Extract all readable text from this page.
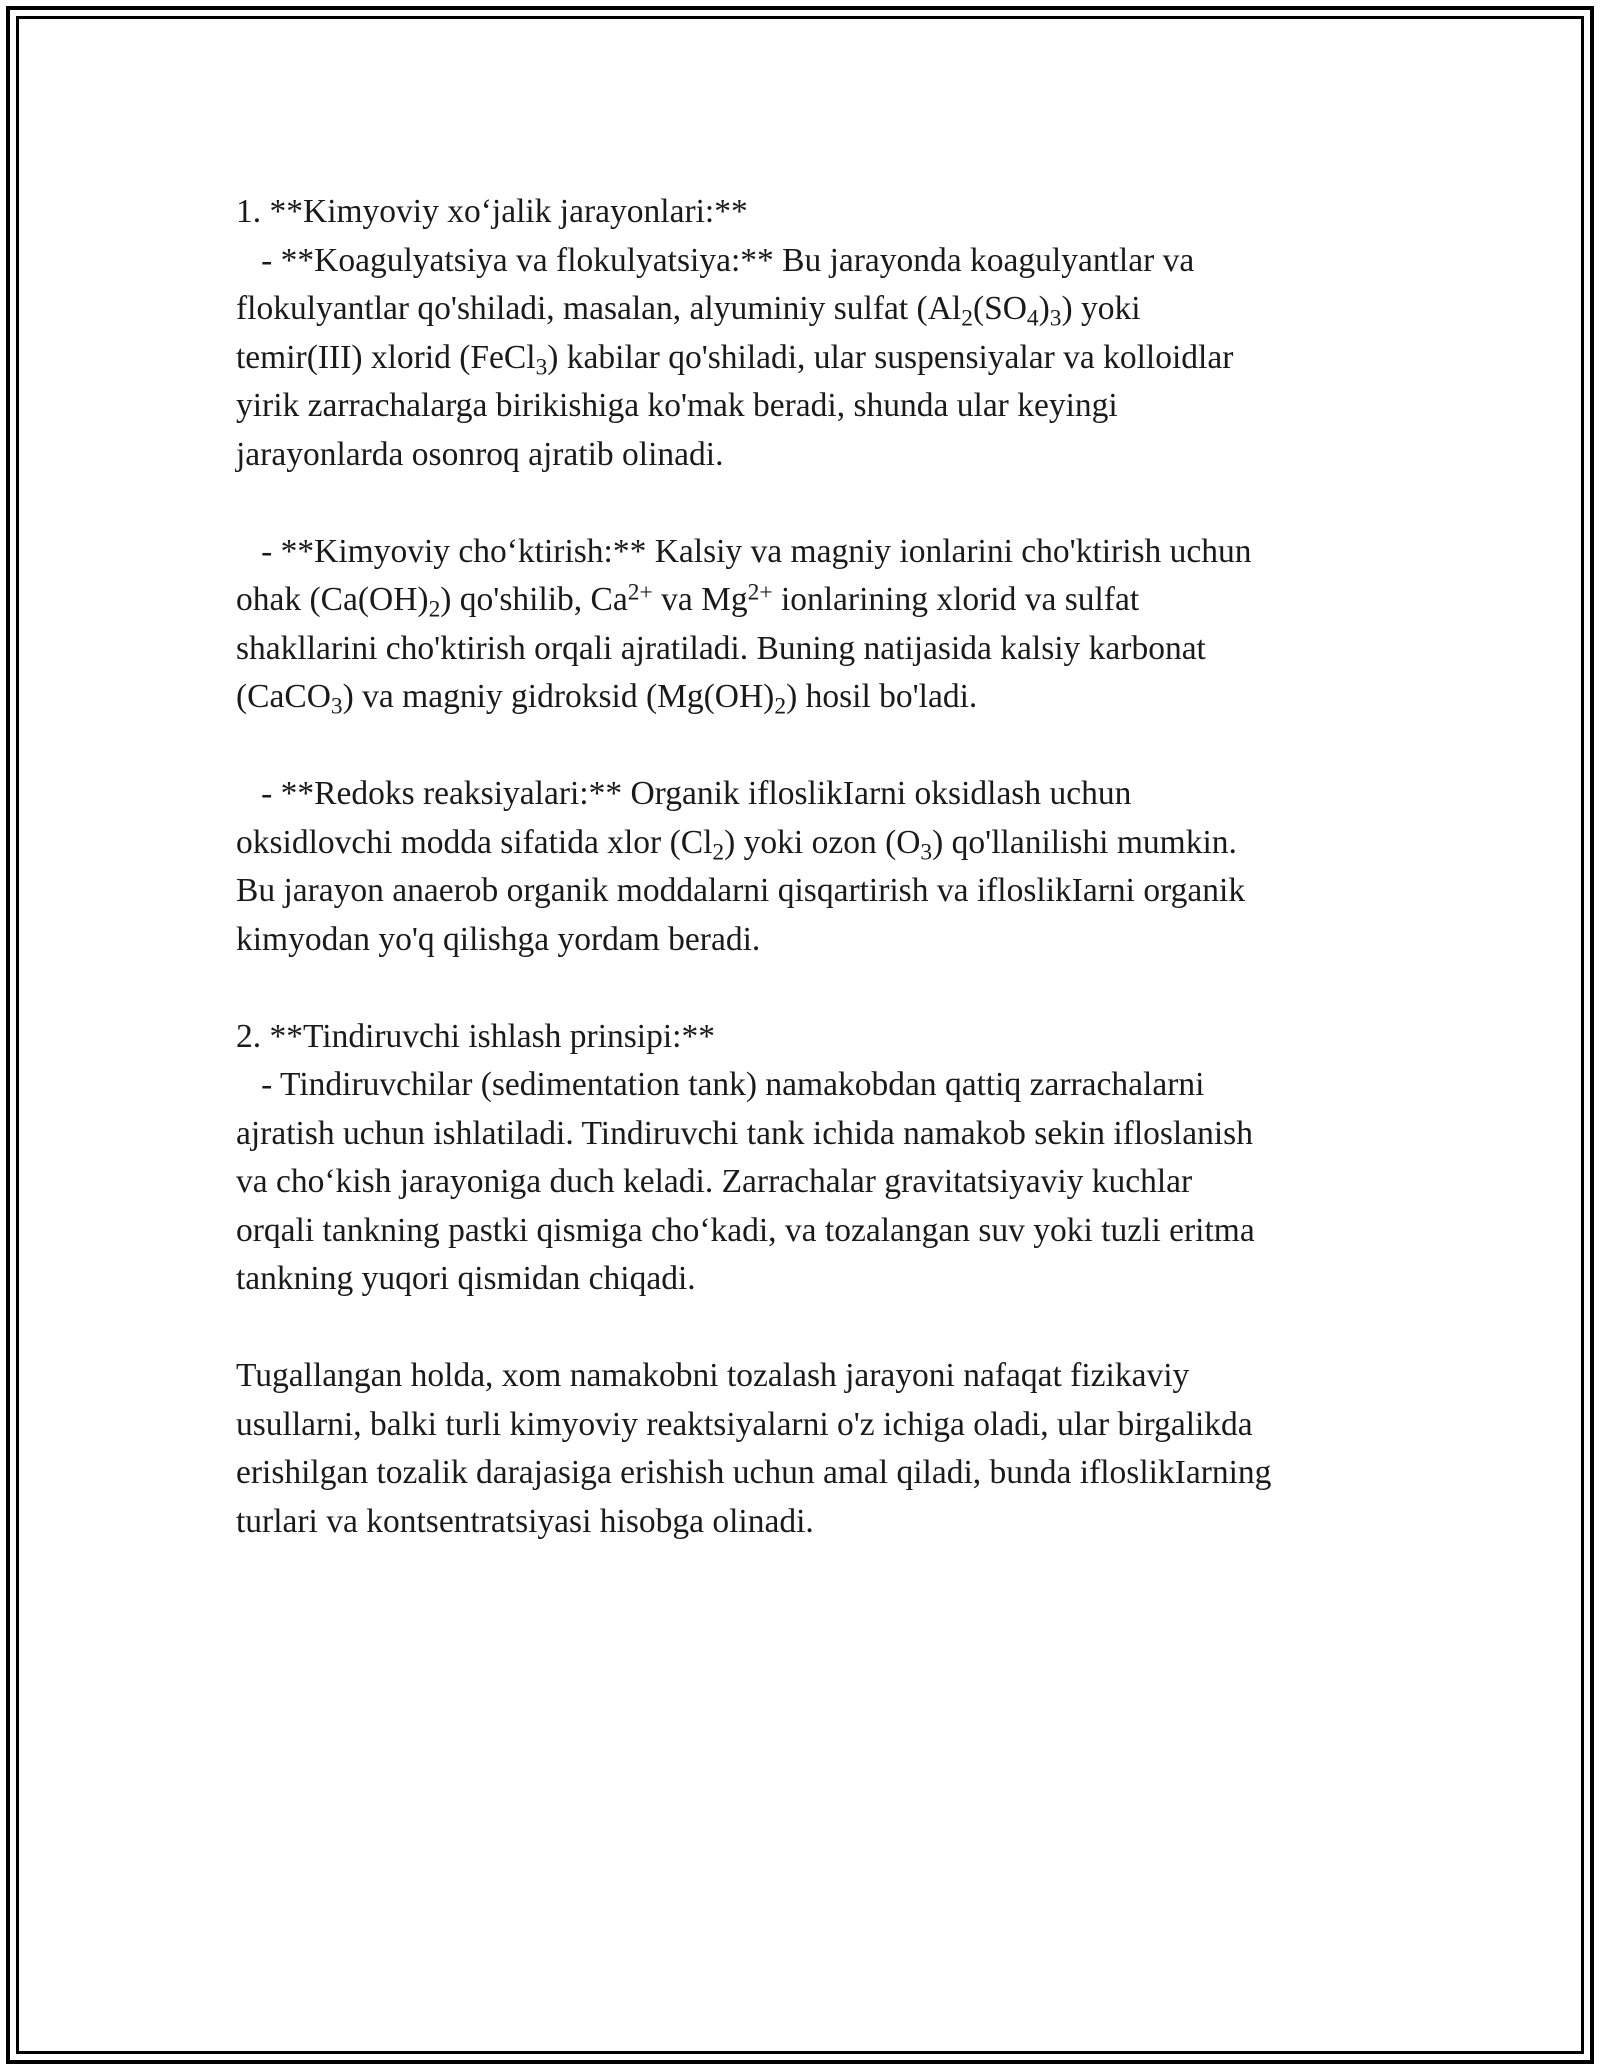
1. **Kimyoviy xo‘jalik jarayonlari:**
- **Koagulyatsiya va flokulyatsiya:** Bu jarayonda koagulyantlar va
flokulyantlar qo'shiladi, masalan, alyuminiy sulfat $(Al_2(SO_4)_3)$ yoki
temir(III) xlorid (FeCl$_3$) kabilar qo'shiladi, ular suspensiyalar va kolloidlar
yirik zarrachalarga birikishiga ko'mak beradi, shunda ular keyingi
jarayonlarda osonroq ajratib olinadi.
- **Kimyoviy cho‘ktirish:** Kalsiy va magniy ionlarini cho'ktirish uchun
ohak $(Ca(OH)_2)$ qo'shilib, $Ca^{2+}$ va $Mg^{2+}$ ionlarining xlorid va sulfat
shakllarini cho'ktirish orqali ajratiladi. Buning natijasida kalsiy karbonat
(CaCO$_3$) va magniy gidroksid $(Mg(OH)_2)$ hosil bo'ladi.
- **Redoks reaksiyalari:** Organik ifloslikIarni oksidlash uchun
oksidlovchi modda sifatida xlor $(Cl_2)$ yoki ozon $(O_3)$ qo'llanilishi mumkin.
Bu jarayon anaerob organik moddalarni qisqartirish va ifloslikIarni organik
kimyodan yo'q qilishga yordam beradi.
2. **Tindiruvchi ishlash prinsipi:**
- Tindiruvchilar (sedimentation tank) namakobdan qattiq zarrachalarni
ajratish uchun ishlatiladi. Tindiruvchi tank ichida namakob sekin ifloslanish
va cho‘kish jarayoniga duch keladi. Zarrachalar gravitatsiyaviy kuchlar
orqali tankning pastki qismiga cho‘kadi, va tozalangan suv yoki tuzli eritma
tankning yuqori qismidan chiqadi.
Tugallangan holda, xom namakobni tozalash jarayoni nafaqat fizikaviy
usullarni, balki turli kimyoviy reaktsiyalarni o'z ichiga oladi, ular birgalikda
erishilgan tozalik darajasiga erishish uchun amal qiladi, bunda ifloslikIarning
turlari va kontsentratsiyasi hisobga olinadi.
